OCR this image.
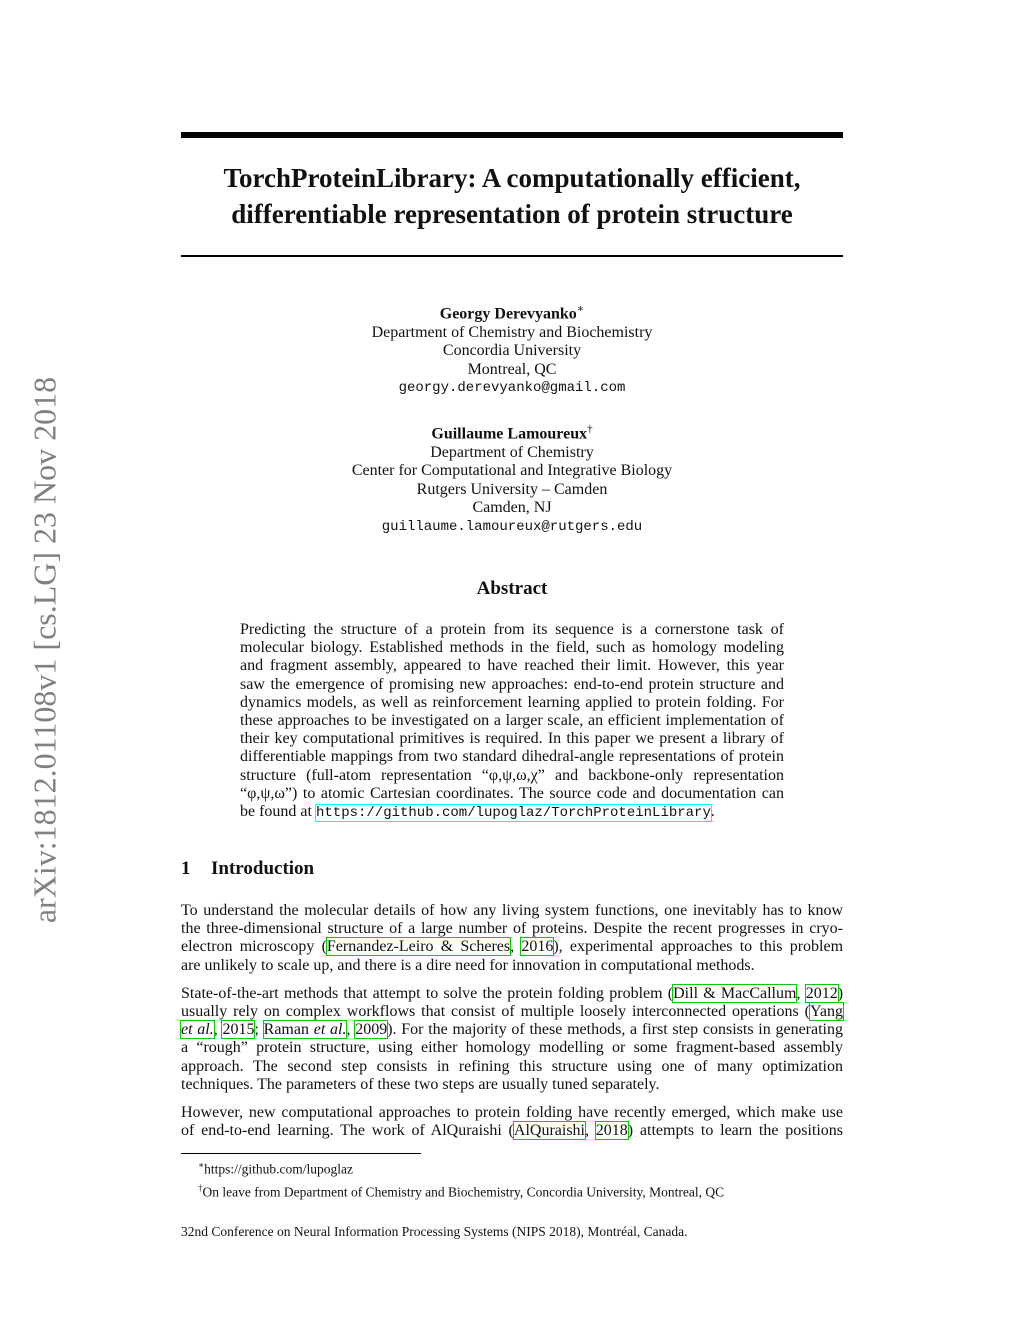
arXiv:1812.01108v1 [cs.LG] 23 Nov 2018
TorchProteinLibrary: A computationally efficient,
differentiable representation of protein structure
Georgy Derevyanko∗
Department of Chemistry and Biochemistry
Concordia University
Montreal, QC
georgy.derevyanko@gmail.com
Guillaume Lamoureux†
Department of Chemistry
Center for Computational and Integrative Biology
Rutgers University – Camden
Camden, NJ
guillaume.lamoureux@rutgers.edu
Abstract
Predicting the structure of a protein from its sequence is a cornerstone task of
molecular biology. Established methods in the field, such as homology modeling
and fragment assembly, appeared to have reached their limit. However, this year
saw the emergence of promising new approaches: end-to-end protein structure and
dynamics models, as well as reinforcement learning applied to protein folding. For
these approaches to be investigated on a larger scale, an efficient implementation of
their key computational primitives is required. In this paper we present a library of
differentiable mappings from two standard dihedral-angle representations of protein
structure (full-atom representation “φ,ψ,ω,χ” and backbone-only representation
“φ,ψ,ω”) to atomic Cartesian coordinates. The source code and documentation can
be found at https://github.com/lupoglaz/TorchProteinLibrary.
1 Introduction

To understand the molecular details of how any living system functions, one inevitably has to know
the three-dimensional structure of a large number of proteins. Despite the recent progresses in cryo-
electron microscopy (Fernandez-Leiro & Scheres, 2016), experimental approaches to this problem
are unlikely to scale up, and there is a dire need for innovation in computational methods.

State-of-the-art methods that attempt to solve the protein folding problem (Dill & MacCallum, 2012)
usually rely on complex workflows that consist of multiple loosely interconnected operations (Yang
et al., 2015; Raman et al., 2009). For the majority of these methods, a first step consists in generating
a “rough” protein structure, using either homology modelling or some fragment-based assembly
approach. The second step consists in refining this structure using one of many optimization
techniques. The parameters of these two steps are usually tuned separately.

However, new computational approaches to protein folding have recently emerged, which make use
of end-to-end learning. The work of AlQuraishi (AlQuraishi, 2018) attempts to learn the positions

∗https://github.com/lupoglaz
†On leave from Department of Chemistry and Biochemistry, Concordia University, Montreal, QC
32nd Conference on Neural Information Processing Systems (NIPS 2018), Montréal, Canada.
